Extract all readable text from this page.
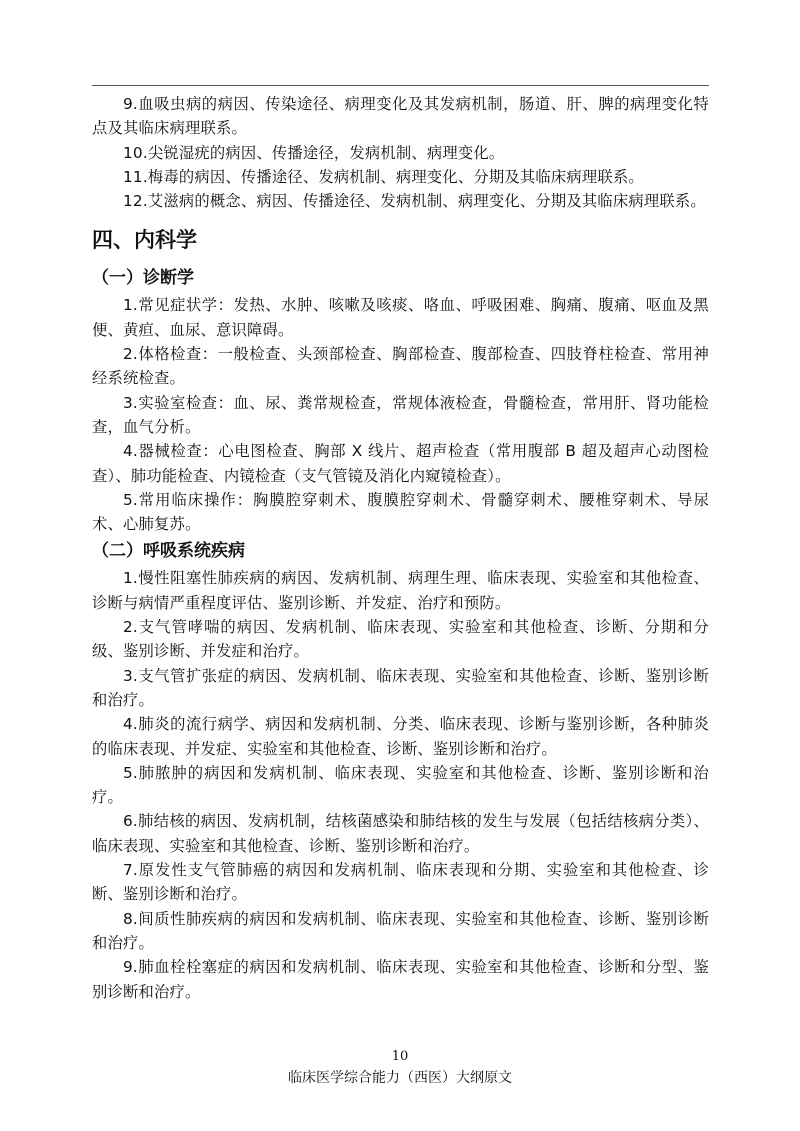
9.血吸虫病的病因、传染途径、病理变化及其发病机制，肠道、肝、脾的病理变化特点及其临床病理联系。

10.尖锐湿疣的病因、传播途径，发病机制、病理变化。

11.梅毒的病因、传播途径、发病机制、病理变化、分期及其临床病理联系。

12.艾滋病的概念、病因、传播途径、发病机制、病理变化、分期及其临床病理联系。

四、内科学
（一）诊断学

1.常见症状学：发热、水肿、咳嗽及咳痰、咯血、呼吸困难、胸痛、腹痛、呕血及黑便、黄疸、血尿、意识障碍。

2.体格检查：一般检查、头颈部检查、胸部检查、腹部检查、四肢脊柱检查、常用神经系统检查。

3.实验室检查：血、尿、粪常规检查，常规体液检查，骨髓检查，常用肝、肾功能检查，血气分析。

4.器械检查：心电图检查、胸部 X 线片、超声检查（常用腹部 B 超及超声心动图检查）、肺功能检查、内镜检查（支气管镜及消化内窥镜检查）。

5.常用临床操作：胸膜腔穿刺术、腹膜腔穿刺术、骨髓穿刺术、腰椎穿刺术、导尿术、心肺复苏。

（二）呼吸系统疾病

1.慢性阻塞性肺疾病的病因、发病机制、病理生理、临床表现、实验室和其他检查、诊断与病情严重程度评估、鉴别诊断、并发症、治疗和预防。

2.支气管哮喘的病因、发病机制、临床表现、实验室和其他检查、诊断、分期和分级、鉴别诊断、并发症和治疗。

3.支气管扩张症的病因、发病机制、临床表现、实验室和其他检查、诊断、鉴别诊断和治疗。

4.肺炎的流行病学、病因和发病机制、分类、临床表现、诊断与鉴别诊断，各种肺炎的临床表现、并发症、实验室和其他检查、诊断、鉴别诊断和治疗。

5.肺脓肿的病因和发病机制、临床表现、实验室和其他检查、诊断、鉴别诊断和治疗。

6.肺结核的病因、发病机制，结核菌感染和肺结核的发生与发展（包括结核病分类）、临床表现、实验室和其他检查、诊断、鉴别诊断和治疗。

7.原发性支气管肺癌的病因和发病机制、临床表现和分期、实验室和其他检查、诊断、鉴别诊断和治疗。

8.间质性肺疾病的病因和发病机制、临床表现、实验室和其他检查、诊断、鉴别诊断和治疗。

9.肺血栓栓塞症的病因和发病机制、临床表现、实验室和其他检查、诊断和分型、鉴别诊断和治疗。

10
临床医学综合能力（西医）大纲原文
